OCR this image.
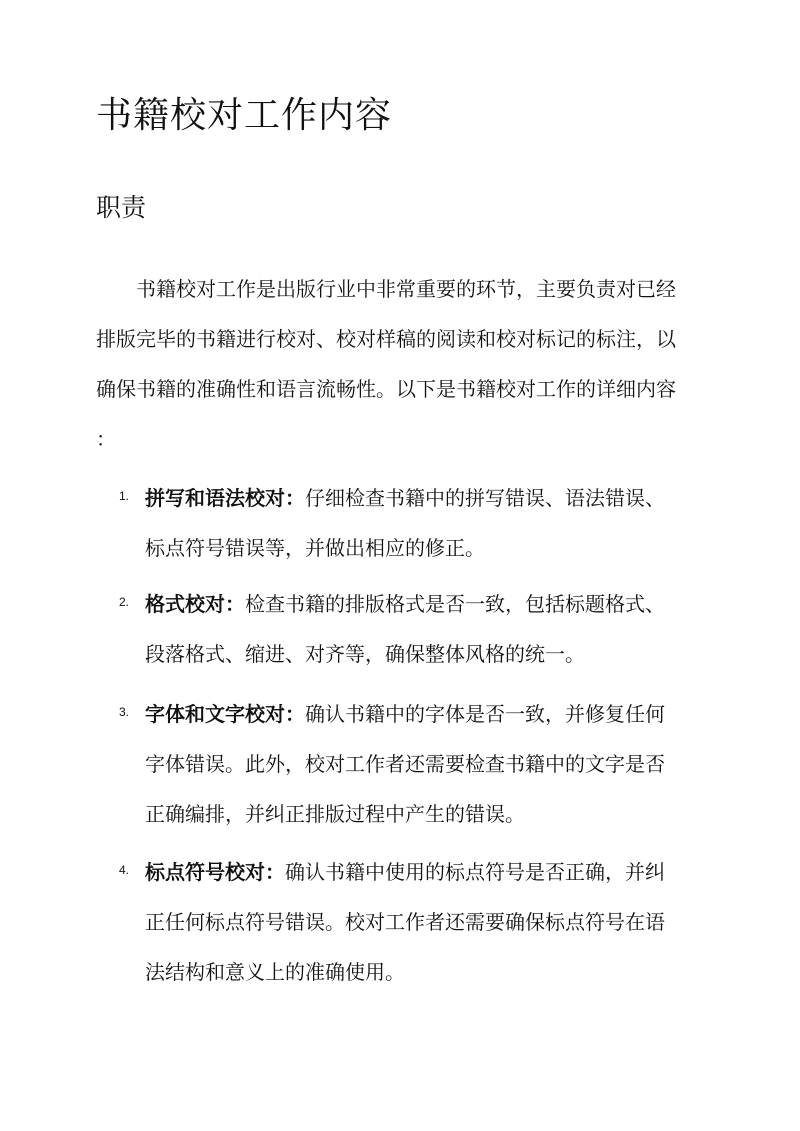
书籍校对工作内容
职责

书籍校对工作是出版行业中非常重要的环节，主要负责对已经
排版完毕的书籍进行校对、校对样稿的阅读和校对标记的标注，以
确保书籍的准确性和语言流畅性。以下是书籍校对工作的详细内容
：

1. 拼写和语法校对：仔细检查书籍中的拼写错误、语法错误、
标点符号错误等，并做出相应的修正。
2. 格式校对：检查书籍的排版格式是否一致，包括标题格式、
段落格式、缩进、对齐等，确保整体风格的统一。
3. 字体和文字校对：确认书籍中的字体是否一致，并修复任何
字体错误。此外，校对工作者还需要检查书籍中的文字是否
正确编排，并纠正排版过程中产生的错误。
4. 标点符号校对：确认书籍中使用的标点符号是否正确，并纠
正任何标点符号错误。校对工作者还需要确保标点符号在语
法结构和意义上的准确使用。
